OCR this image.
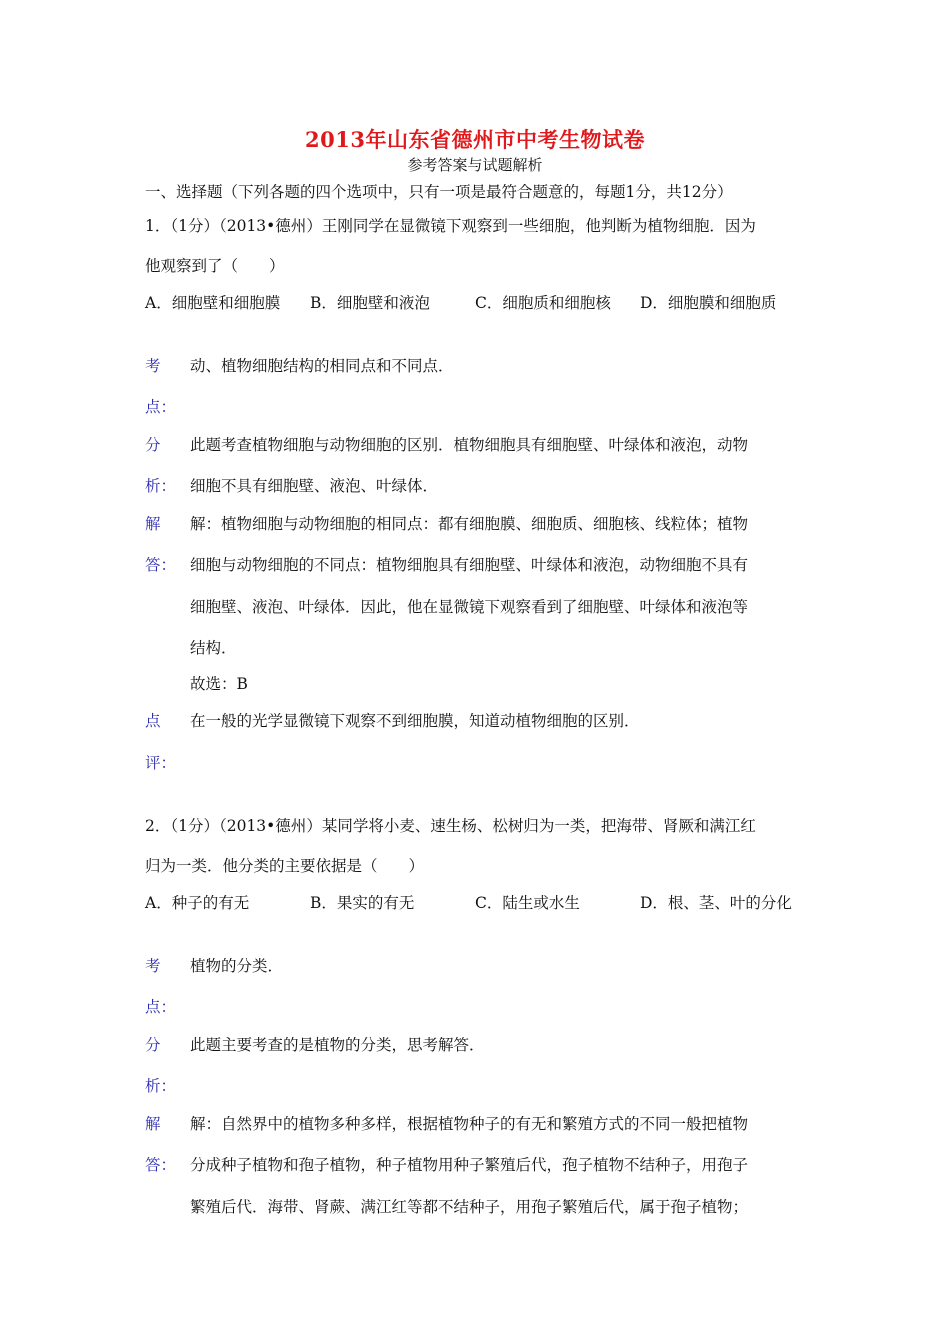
2013年山东省德州市中考生物试卷
参考答案与试题解析
一、选择题（下列各题的四个选项中，只有一项是最符合题意的，每题1分，共12分）
1．（1分）（2013•德州）王刚同学在显微镜下观察到一些细胞，他判断为植物细胞．因为
他观察到了（　　）
A．细胞壁和细胞膜 B．细胞壁和液泡	C．细胞质和细胞核 D．细胞膜和细胞质
考
点：
动、植物细胞结构的相同点和不同点．
分
析：
此题考查植物细胞与动物细胞的区别．植物细胞具有细胞壁、叶绿体和液泡，动物
细胞不具有细胞壁、液泡、叶绿体．
解
答：
解：植物细胞与动物细胞的相同点：都有细胞膜、细胞质、细胞核、线粒体；植物
细胞与动物细胞的不同点：植物细胞具有细胞壁、叶绿体和液泡，动物细胞不具有
细胞壁、液泡、叶绿体．因此，他在显微镜下观察看到了细胞壁、叶绿体和液泡等
结构．
故选：B
点
评：
在一般的光学显微镜下观察不到细胞膜，知道动植物细胞的区别．
2．（1分）（2013•德州）某同学将小麦、速生杨、松树归为一类，把海带、肾厥和满江红
归为一类．他分类的主要依据是（　　）
A．种子的有无	B．果实的有无	C．陆生或水生	D．根、茎、叶的分化
考
点：
植物的分类．
分
析：
此题主要考查的是植物的分类，思考解答．
解
答：
解：自然界中的植物多种多样，根据植物种子的有无和繁殖方式的不同一般把植物
分成种子植物和孢子植物，种子植物用种子繁殖后代，孢子植物不结种子，用孢子
繁殖后代．海带、肾蕨、满江红等都不结种子，用孢子繁殖后代，属于孢子植物；
